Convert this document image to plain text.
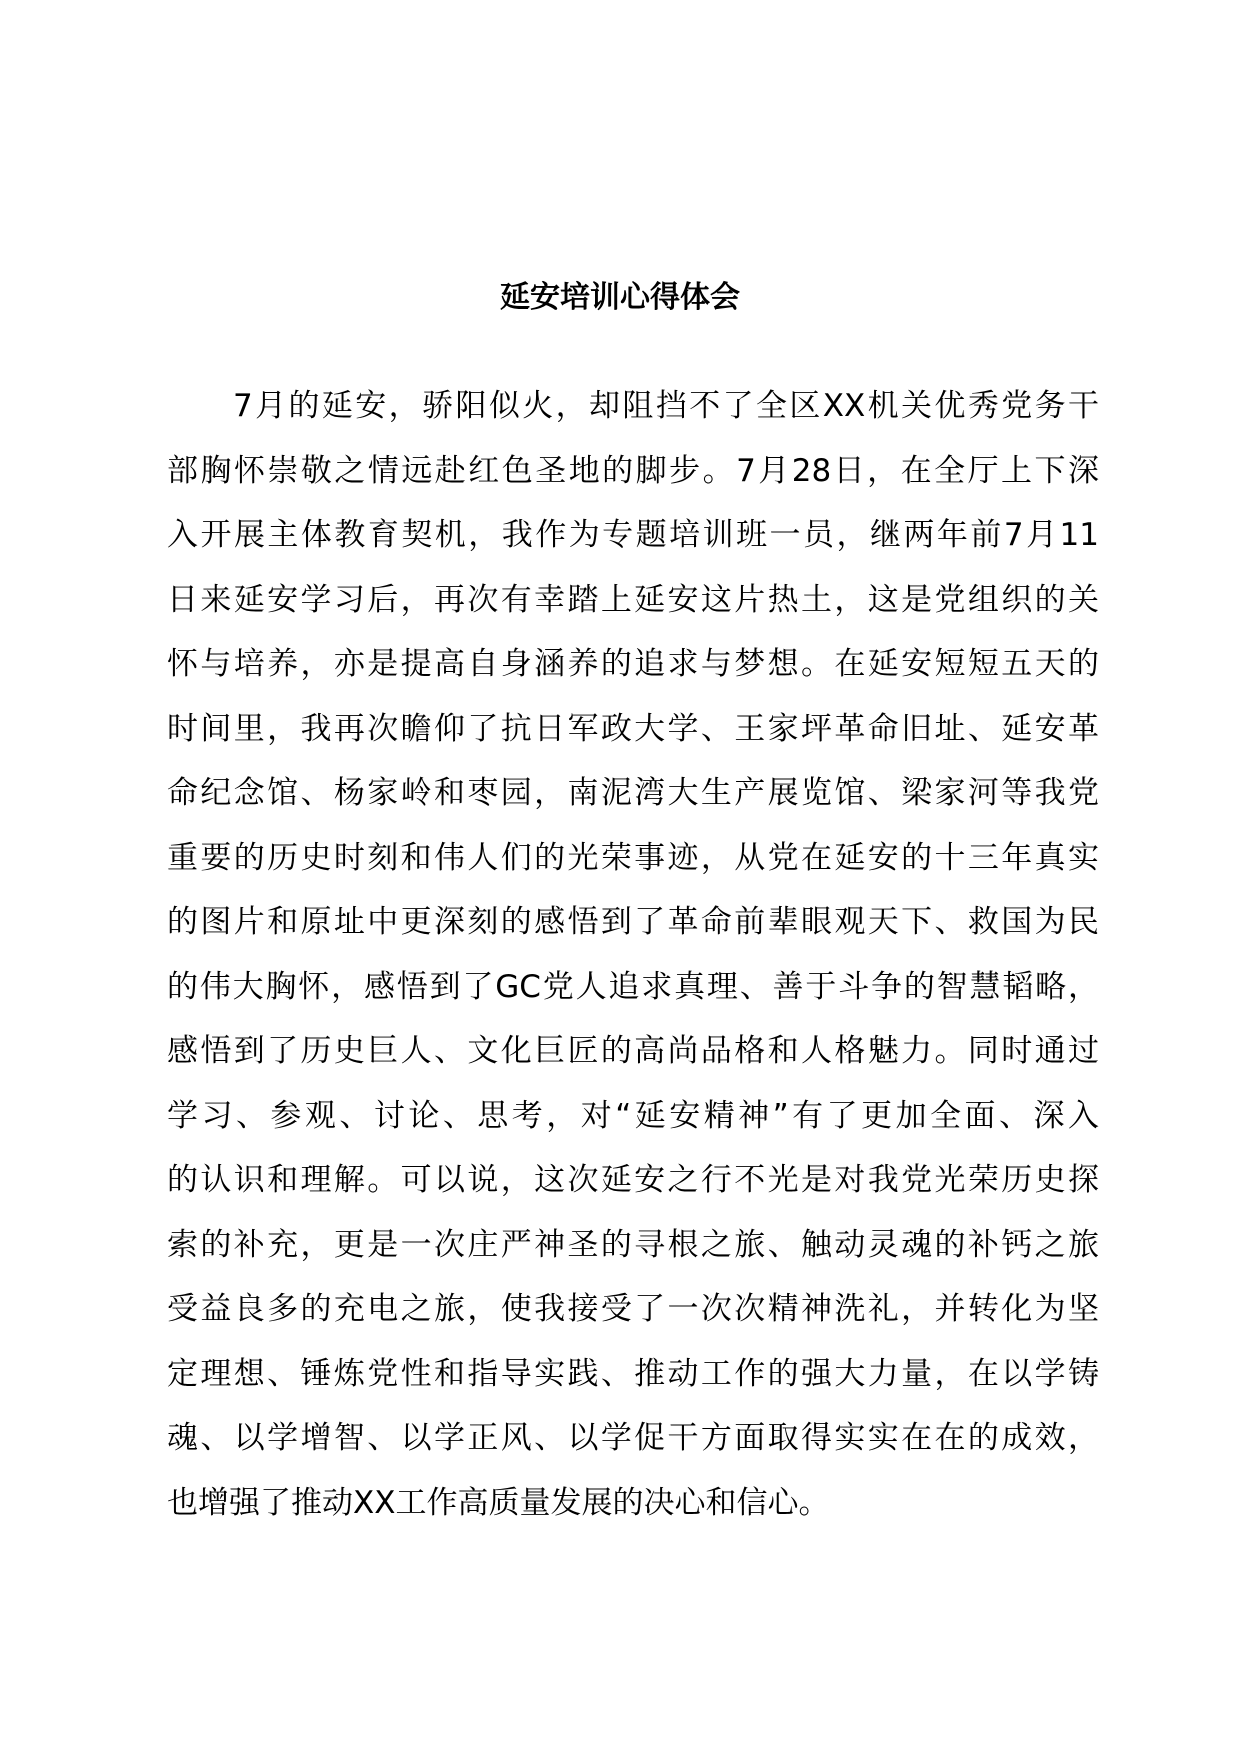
延安培训心得体会
7月的延安，骄阳似火，却阻挡不了全区XX机关优秀党务干
部胸怀崇敬之情远赴红色圣地的脚步。7月28日，在全厅上下深
入开展主体教育契机，我作为专题培训班一员，继两年前7月11
日来延安学习后，再次有幸踏上延安这片热土，这是党组织的关
怀与培养，亦是提高自身涵养的追求与梦想。在延安短短五天的
时间里，我再次瞻仰了抗日军政大学、王家坪革命旧址、延安革
命纪念馆、杨家岭和枣园，南泥湾大生产展览馆、梁家河等我党
重要的历史时刻和伟人们的光荣事迹，从党在延安的十三年真实
的图片和原址中更深刻的感悟到了革命前辈眼观天下、救国为民
的伟大胸怀，感悟到了GC党人追求真理、善于斗争的智慧韬略，
感悟到了历史巨人、文化巨匠的高尚品格和人格魅力。同时通过
学习、参观、讨论、思考，对“延安精神”有了更加全面、深入
的认识和理解。可以说，这次延安之行不光是对我党光荣历史探
索的补充，更是一次庄严神圣的寻根之旅、触动灵魂的补钙之旅
受益良多的充电之旅，使我接受了一次次精神洗礼，并转化为坚
定理想、锤炼党性和指导实践、推动工作的强大力量，在以学铸
魂、以学增智、以学正风、以学促干方面取得实实在在的成效，
也增强了推动XX工作高质量发展的决心和信心。
